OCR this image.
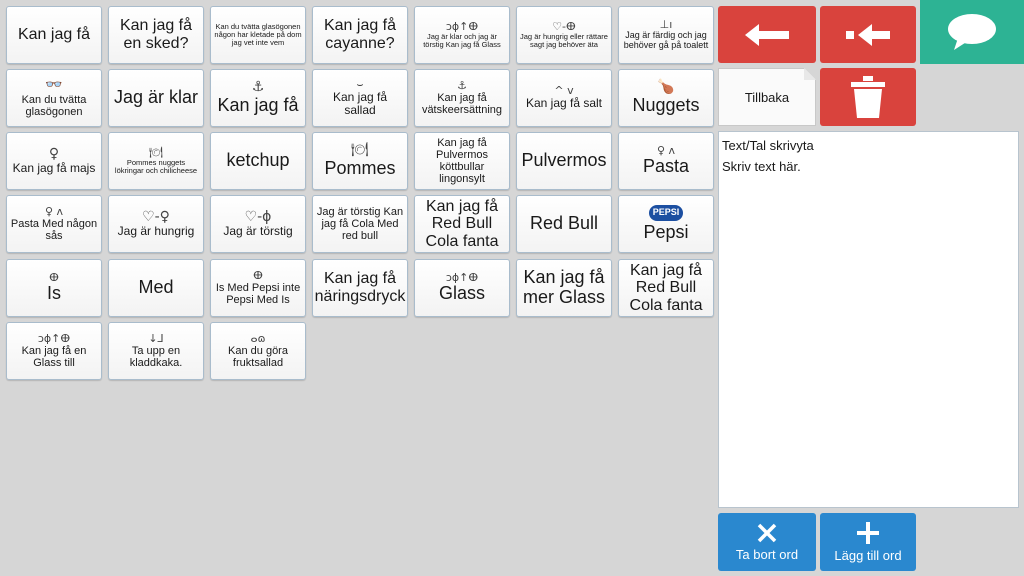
Kan jag få
Kan jag få en sked?
Kan du tvätta glasögonen någon har kletade på dom jag vet inte vem
Kan jag få cayanne?
ↄɸ↑ⴲ
Jag är klar och jag är törstig Kan jag få Glass
♡-ⴲ
Jag är hungrig eller rättare sagt jag behöver äta
⊥ı
Jag är färdig och jag behöver gå på toalett
👓
Kan du tvätta glasögonen
Jag är klar	⚓
Kan jag få
⌣
Kan jag få sallad
⚓
Kan jag få vätskeersättning
^ v
Kan jag få salt
🍗
Nuggets
♀
Kan jag få majs
🍽
Pommes nuggets lökringar och chilicheese
ketchup	🍽
Pommes
Kan jag få Pulvermos köttbullar lingonsylt
Pulvermos	♀ ʌ
Pasta
♀ ʌ
Pasta Med någon sås
♡-♀
Jag är hungrig
♡-ɸ
Jag är törstig
Jag är törstig Kan jag få Cola Med red bull
Kan jag få Red Bull Cola fanta
Red Bull
PEPSI
Pepsi
ⴲ
Is	Med
ⴲ
Is Med Pepsi inte Pepsi Med Is
Kan jag få näringsdryck
ↄɸ↑ⴲ
Glass
Kan jag få mer Glass
Kan jag få Red Bull Cola fanta
ↄɸ↑ⴲ
Kan jag få en Glass till
↓⅃
Ta upp en kladdkaka.
ⴰɷ
Kan du göra fruktsallad
Tillbaka
Text/Tal skrivyta
Skriv text här.
Ta bort ord	Lägg till ord
